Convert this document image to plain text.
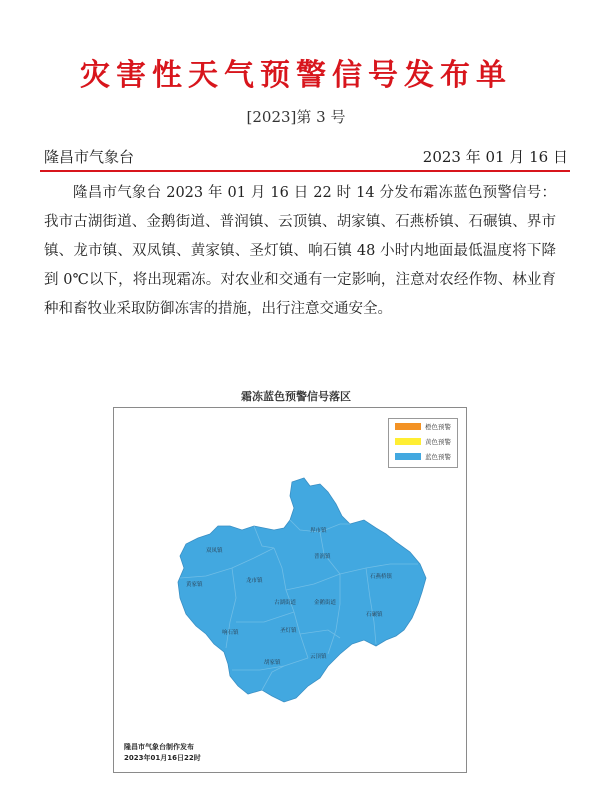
灾害性天气预警信号发布单
[2023]第 3 号
隆昌市气象台	2023 年 01 月 16 日
隆昌市气象台 2023 年 01 月 16 日 22 时 14 分发布霜冻蓝色预警信号：我市古湖街道、金鹅街道、普润镇、云顶镇、胡家镇、石燕桥镇、石碾镇、界市镇、龙市镇、双凤镇、黄家镇、圣灯镇、响石镇 48 小时内地面最低温度将下降到 0℃以下，将出现霜冻。对农业和交通有一定影响，注意对农经作物、林业育种和畜牧业采取防御冻害的措施，出行注意交通安全。
霜冻蓝色预警信号落区
界市镇
双凤镇
普润镇
石燕桥镇
黄家镇
龙市镇
古湖街道	金鹅街道
石碾镇
圣灯镇
响石镇
云顶镇
胡家镇
橙色预警
黄色预警
蓝色预警
隆昌市气象台制作发布
2023年01月16日22时
